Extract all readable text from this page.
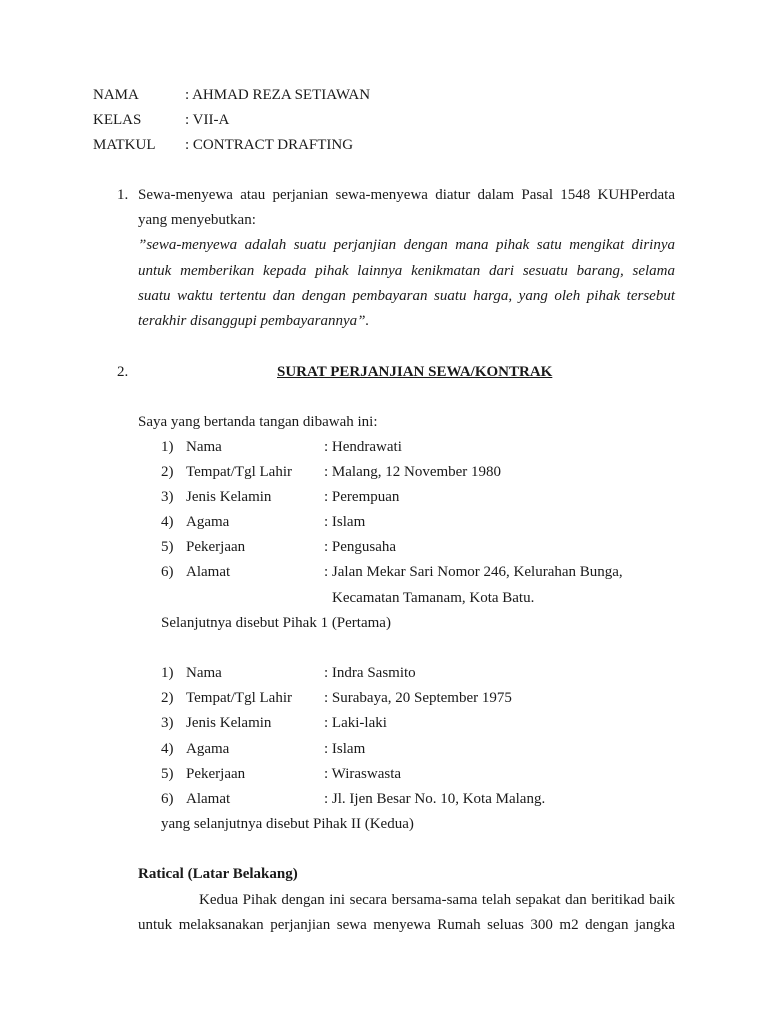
NAMA	: AHMAD REZA SETIAWAN
KELAS	: VII-A
MATKUL : CONTRACT DRAFTING
1. Sewa-menyewa atau perjanian sewa-menyewa diatur dalam Pasal 1548 KUHPerdata
yang menyebutkan:
”sewa-menyewa adalah suatu perjanjian dengan mana pihak satu mengikat dirinya
untuk memberikan kepada pihak lainnya kenikmatan dari sesuatu barang, selama
suatu waktu tertentu dan dengan pembayaran suatu harga, yang oleh pihak tersebut
terakhir disanggupi pembayarannya”.
2.	SURAT PERJANJIAN SEWA/KONTRAK
Saya yang bertanda tangan dibawah ini:
1) Nama	: Hendrawati
2) Tempat/Tgl Lahir : Malang, 12 November 1980
3) Jenis Kelamin	: Perempuan
4) Agama	: Islam
5) Pekerjaan	: Pengusaha
6) Alamat	: Jalan Mekar Sari Nomor 246, Kelurahan Bunga,
Kecamatan Tamanam, Kota Batu.
Selanjutnya disebut Pihak 1 (Pertama)
1) Nama	: Indra Sasmito
2) Tempat/Tgl Lahir : Surabaya, 20 September 1975
3) Jenis Kelamin	: Laki-laki
4) Agama	: Islam
5) Pekerjaan	: Wiraswasta
6) Alamat	: Jl. Ijen Besar No. 10, Kota Malang.
yang selanjutnya disebut Pihak II (Kedua)
Ratical (Latar Belakang)
Kedua Pihak dengan ini secara bersama-sama telah sepakat dan beritikad baik
untuk melaksanakan perjanjian sewa menyewa Rumah seluas 300 m2 dengan jangka
